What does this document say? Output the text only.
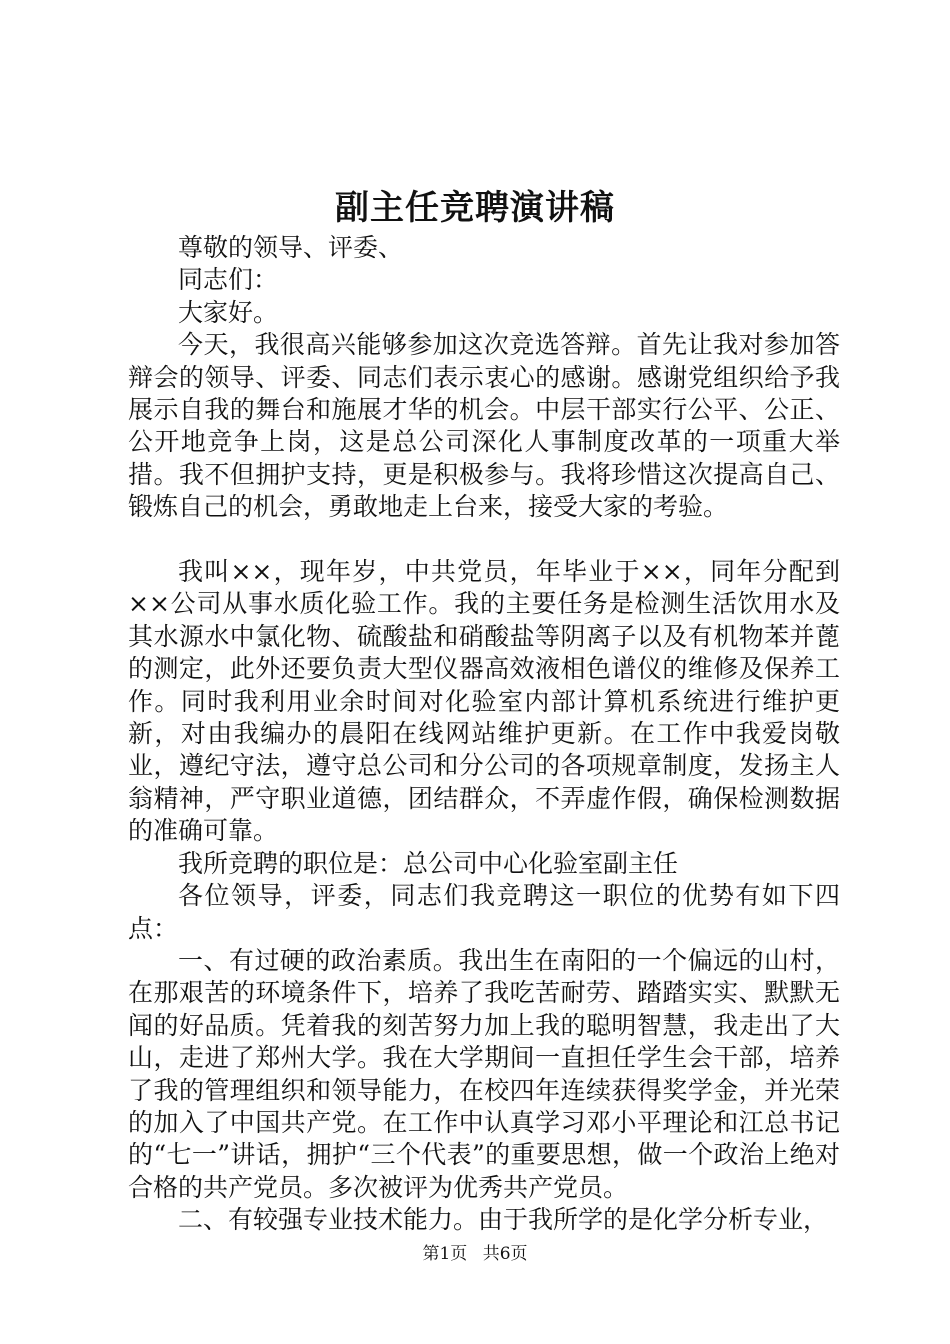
副主任竞聘演讲稿

尊敬的领导、评委、

同志们：

大家好。

今天，我很高兴能够参加这次竞选答辩。首先让我对参加答辩会的领导、评委、同志们表示衷心的感谢。感谢党组织给予我展示自我的舞台和施展才华的机会。中层干部实行公平、公正、公开地竞争上岗，这是总公司深化人事制度改革的一项重大举措。我不但拥护支持，更是积极参与。我将珍惜这次提高自己、锻炼自己的机会，勇敢地走上台来，接受大家的考验。

我叫××，现年岁，中共党员，年毕业于××，同年分配到××公司从事水质化验工作。我的主要任务是检测生活饮用水及其水源水中氯化物、硫酸盐和硝酸盐等阴离子以及有机物苯并蓖的测定，此外还要负责大型仪器高效液相色谱仪的维修及保养工作。同时我利用业余时间对化验室内部计算机系统进行维护更新，对由我编办的晨阳在线网站维护更新。在工作中我爱岗敬业，遵纪守法，遵守总公司和分公司的各项规章制度，发扬主人翁精神，严守职业道德，团结群众，不弄虚作假，确保检测数据的准确可靠。

我所竞聘的职位是：总公司中心化验室副主任

各位领导，评委，同志们我竞聘这一职位的优势有如下四点：

一、有过硬的政治素质。我出生在南阳的一个偏远的山村，在那艰苦的环境条件下，培养了我吃苦耐劳、踏踏实实、默默无闻的好品质。凭着我的刻苦努力加上我的聪明智慧，我走出了大山，走进了郑州大学。我在大学期间一直担任学生会干部，培养了我的管理组织和领导能力，在校四年连续获得奖学金，并光荣的加入了中国共产党。在工作中认真学习邓小平理论和江总书记的“七一”讲话，拥护“三个代表”的重要思想，做一个政治上绝对合格的共产党员。多次被评为优秀共产党员。

二、有较强专业技术能力。由于我所学的是化学分析专业，

第1页 共6页
